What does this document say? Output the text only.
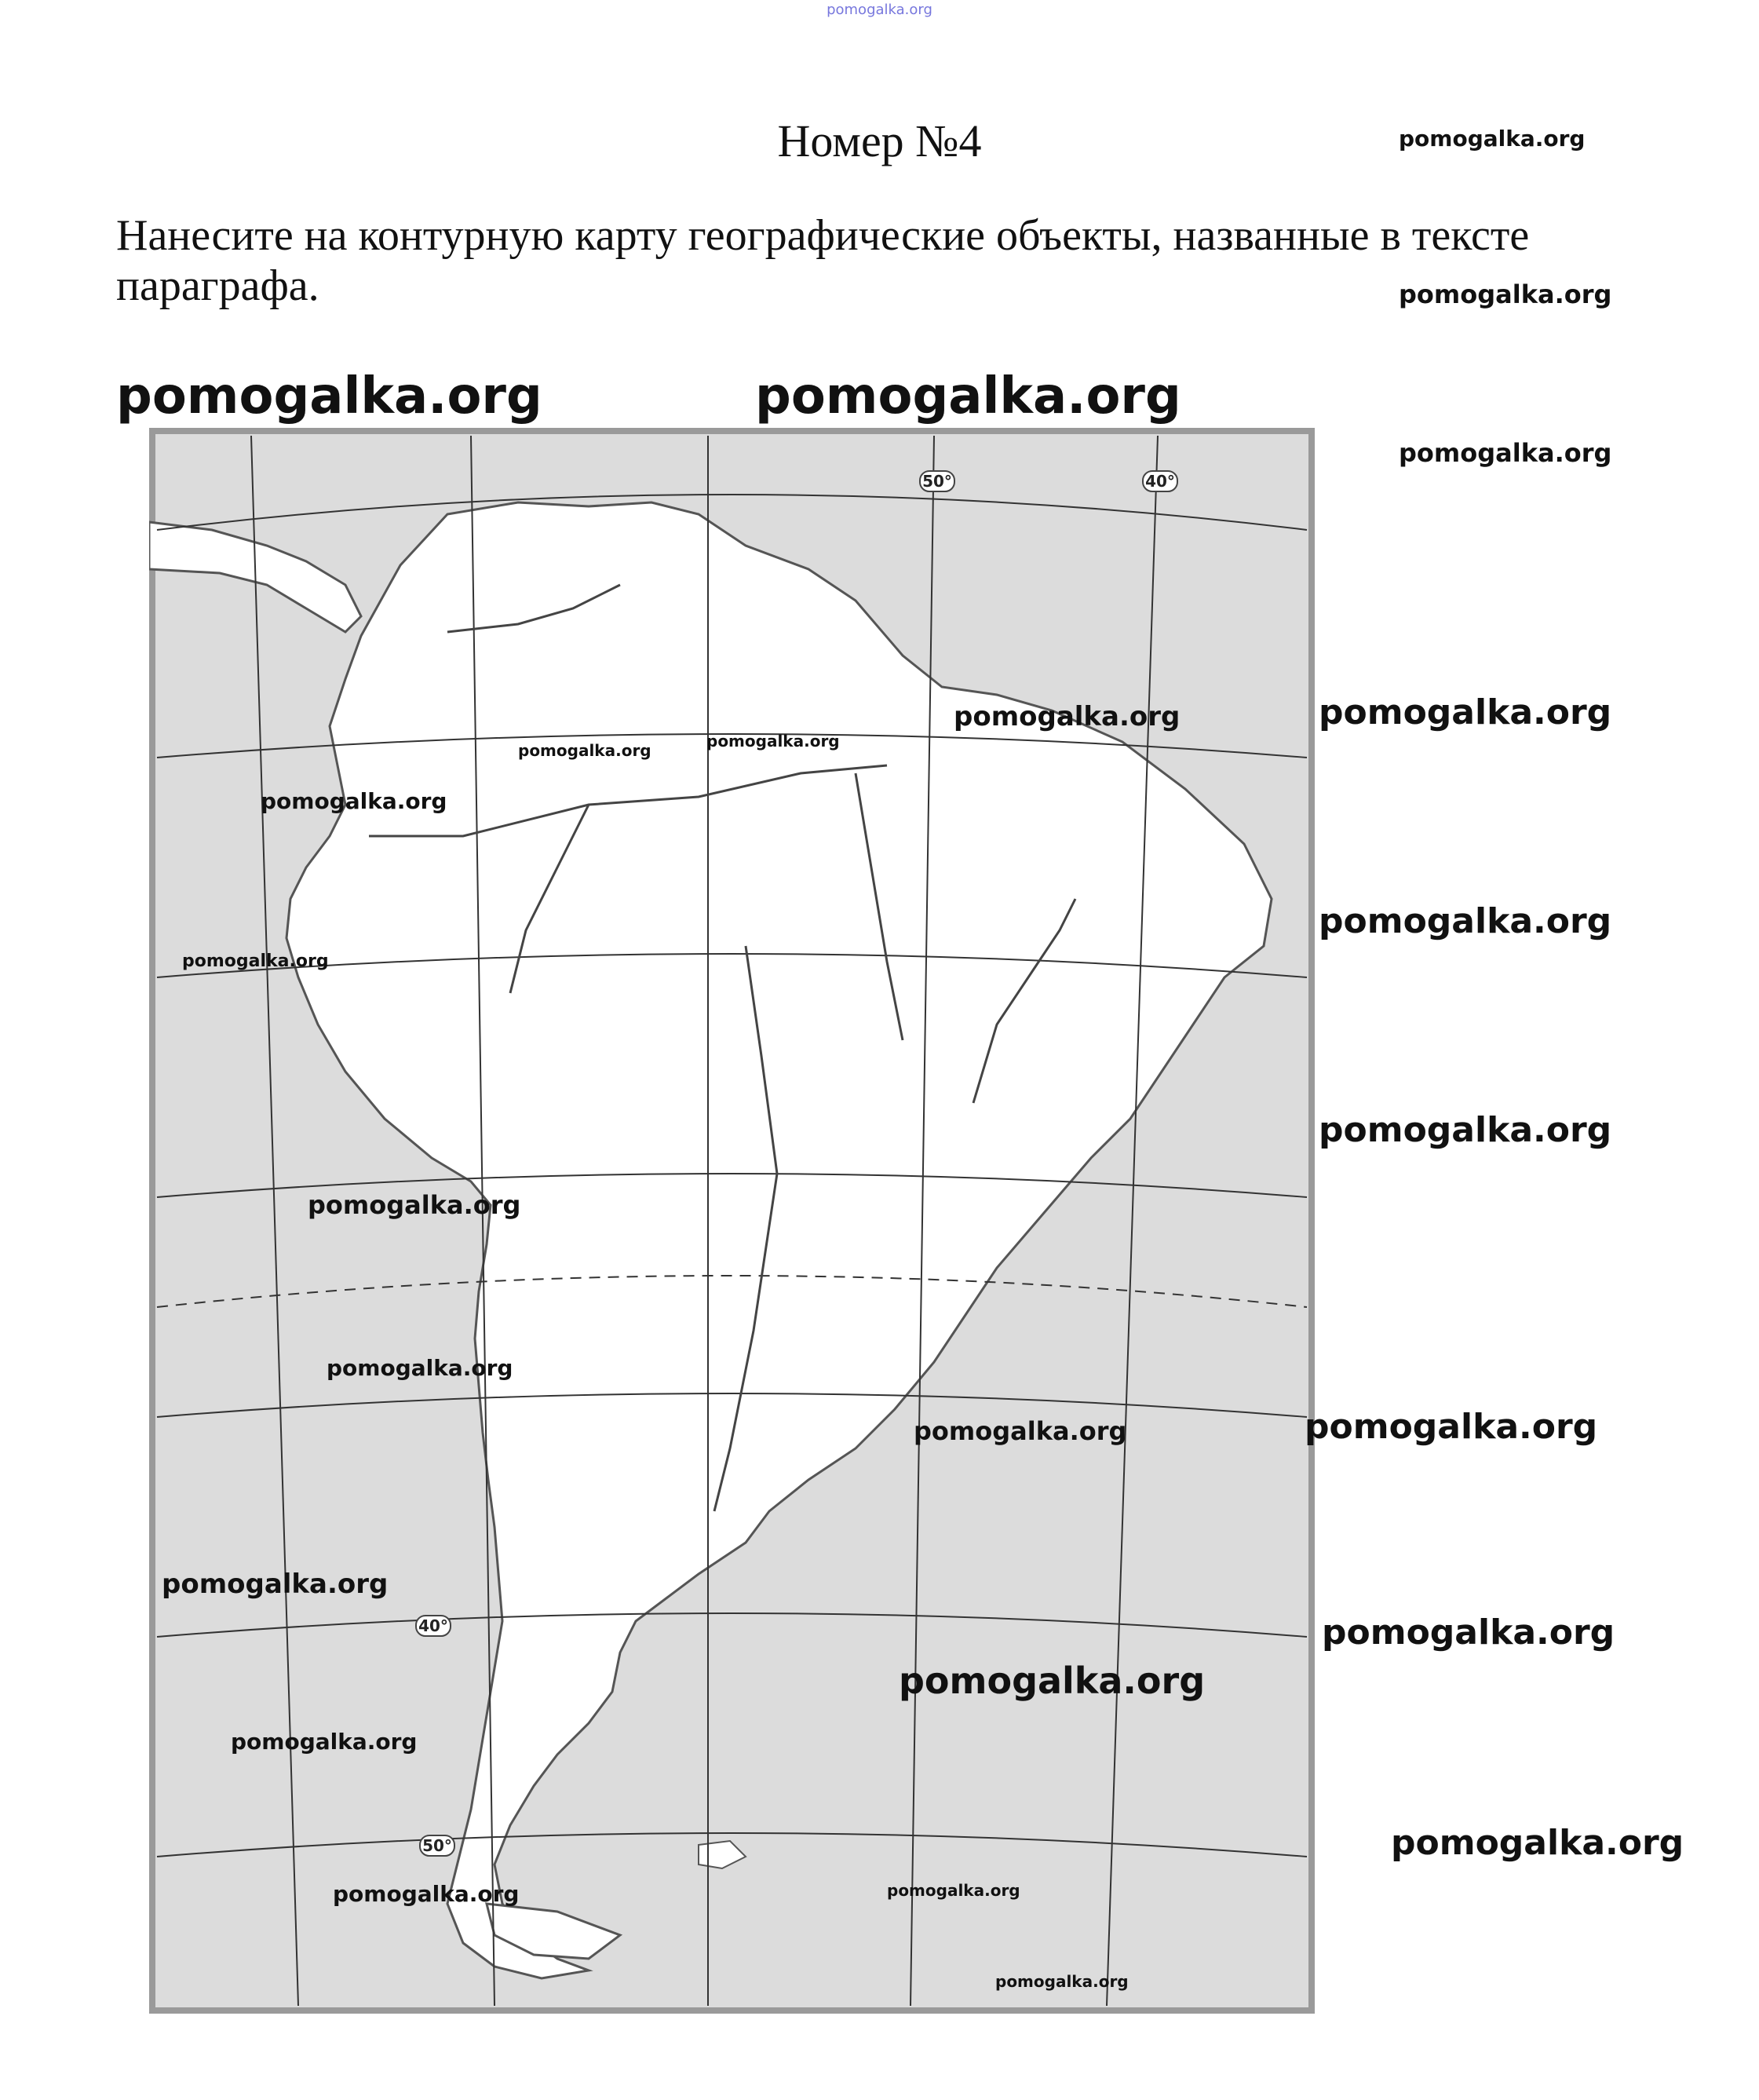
pomogalka.org
Номер №4
Нанесите на контурную карту географические объекты, названные в тексте параграфа.
50°	40°
40°
50°
pomogalka.org
pomogalka.org
pomogalka.org	pomogalka.org
pomogalka.org
pomogalka.org	pomogalka.org
pomogalka.org
pomogalka.org
pomogalka.org
pomogalka.org
pomogalka.org
pomogalka.org
pomogalka.org
pomogalka.org
pomogalka.org
pomogalka.org
pomogalka.org
pomogalka.org
pomogalka.org
pomogalka.org
pomogalka.org
pomogalka.org	pomogalka.org
pomogalka.org
